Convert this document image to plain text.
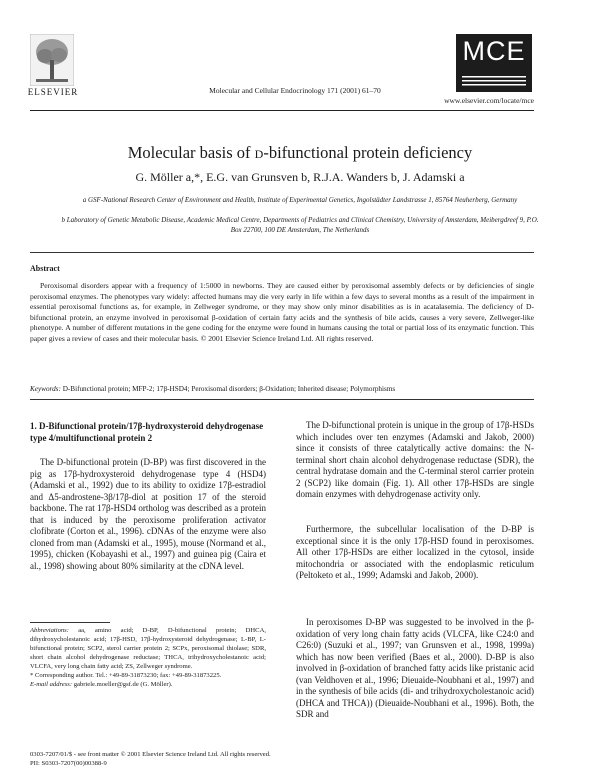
ELSEVIER	Molecular and Cellular Endocrinology 171 (2001) 61–70
MCE
www.elsevier.com/locate/mce
Molecular basis of d-bifunctional protein deficiency
G. Möller a,*, E.G. van Grunsven b, R.J.A. Wanders b, J. Adamski a
a GSF-National Research Center of Environment and Health, Institute of Experimental Genetics, Ingolstädter Landstrasse 1, 85764 Neuherberg, Germany
b Laboratory of Genetic Metabolic Disease, Academic Medical Centre, Departments of Pediatrics and Clinical Chemistry, University of Amsterdam, Meibergdreef 9, P.O. Box 22700, 100 DE Amsterdam, The Netherlands
Abstract
Peroxisomal disorders appear with a frequency of 1:5000 in newborns. They are caused either by peroxisomal assembly defects or by deficiencies of single peroxisomal enzymes. The phenotypes vary widely: affected humans may die very early in life within a few days to several months as a result of the impairment in essential peroxisomal functions as, for example, in Zellweger syndrome, or they may show only minor disabilities as is in acatalasemia. The deficiency of D-bifunctional protein, an enzyme involved in peroxisomal β-oxidation of certain fatty acids and the synthesis of bile acids, causes a very severe, Zellweger-like phenotype. A number of different mutations in the gene coding for the enzyme were found in humans causing the total or partial loss of its enzymatic function. This paper gives a review of cases and their molecular basis. © 2001 Elsevier Science Ireland Ltd. All rights reserved.
Keywords: D-Bifunctional protein; MFP-2; 17β-HSD4; Peroxisomal disorders; β-Oxidation; Inherited disease; Polymorphisms
1. D-Bifunctional protein/17β-hydroxysteroid dehydrogenase type 4/multifunctional protein 2
The D-bifunctional protein (D-BP) was first discovered in the pig as 17β-hydroxysteroid dehydrogenase type 4 (HSD4) (Adamski et al., 1992) due to its ability to oxidize 17β-estradiol and Δ5-androstene-3β/17β-diol at position 17 of the steroid backbone. The rat 17β-HSD4 ortholog was described as a protein that is induced by the peroxisome proliferation activator clofibrate (Corton et al., 1996). cDNAs of the enzyme were also cloned from man (Adamski et al., 1995), mouse (Normand et al., 1995), chicken (Kobayashi et al., 1997) and guinea pig (Caira et al., 1998) showing about 80% similarity at the cDNA level.
Abbreviations: aa, amino acid; D-BP, D-bifunctional protein; DHCA, dihydroxycholestanoic acid; 17β-HSD, 17β-hydroxysteroid dehydrogenase; L-BP, L-bifunctional protein; SCP2, sterol carrier protein 2; SCPx, peroxisomal thiolase; SDR, short chain alcohol dehydrogenase reductase; THCA, trihydroxycholestanoic acid; VLCFA, very long chain fatty acid; ZS, Zellweger syndrome.
* Corresponding author. Tel.: +49-89-31873230; fax: +49-89-31873225.
E-mail address: gabriele.moeller@gsf.de (G. Möller).
The D-bifunctional protein is unique in the group of 17β-HSDs which includes over ten enzymes (Adamski and Jakob, 2000) since it consists of three catalytically active domains: the N-terminal short chain alcohol dehydrogenase reductase (SDR), the central hydratase domain and the C-terminal sterol carrier protein 2 (SCP2) like domain (Fig. 1). All other 17β-HSDs are single domain enzymes with dehydrogenase activity only.
Furthermore, the subcellular localisation of the D-BP is exceptional since it is the only 17β-HSD found in peroxisomes. All other 17β-HSDs are either localized in the cytosol, inside mitochondria or associated with the endoplasmic reticulum (Peltoketo et al., 1999; Adamski and Jakob, 2000).
In peroxisomes D-BP was suggested to be involved in the β-oxidation of very long chain fatty acids (VLCFA, like C24:0 and C26:0) (Suzuki et al., 1997; van Grunsven et al., 1998, 1999a) which has now been verified (Baes et al., 2000). D-BP is also involved in β-oxidation of branched fatty acids like pristanic acid (van Veldhoven et al., 1996; Dieuaide-Noubhani et al., 1997) and in the synthesis of bile acids (di- and trihydroxycholestanoic acid) (DHCA and THCA)) (Dieuaide-Noubhani et al., 1996). Both, the SDR and
0303-7207/01/$ - see front matter © 2001 Elsevier Science Ireland Ltd. All rights reserved.
PII: S0303-7207(00)00388-9
